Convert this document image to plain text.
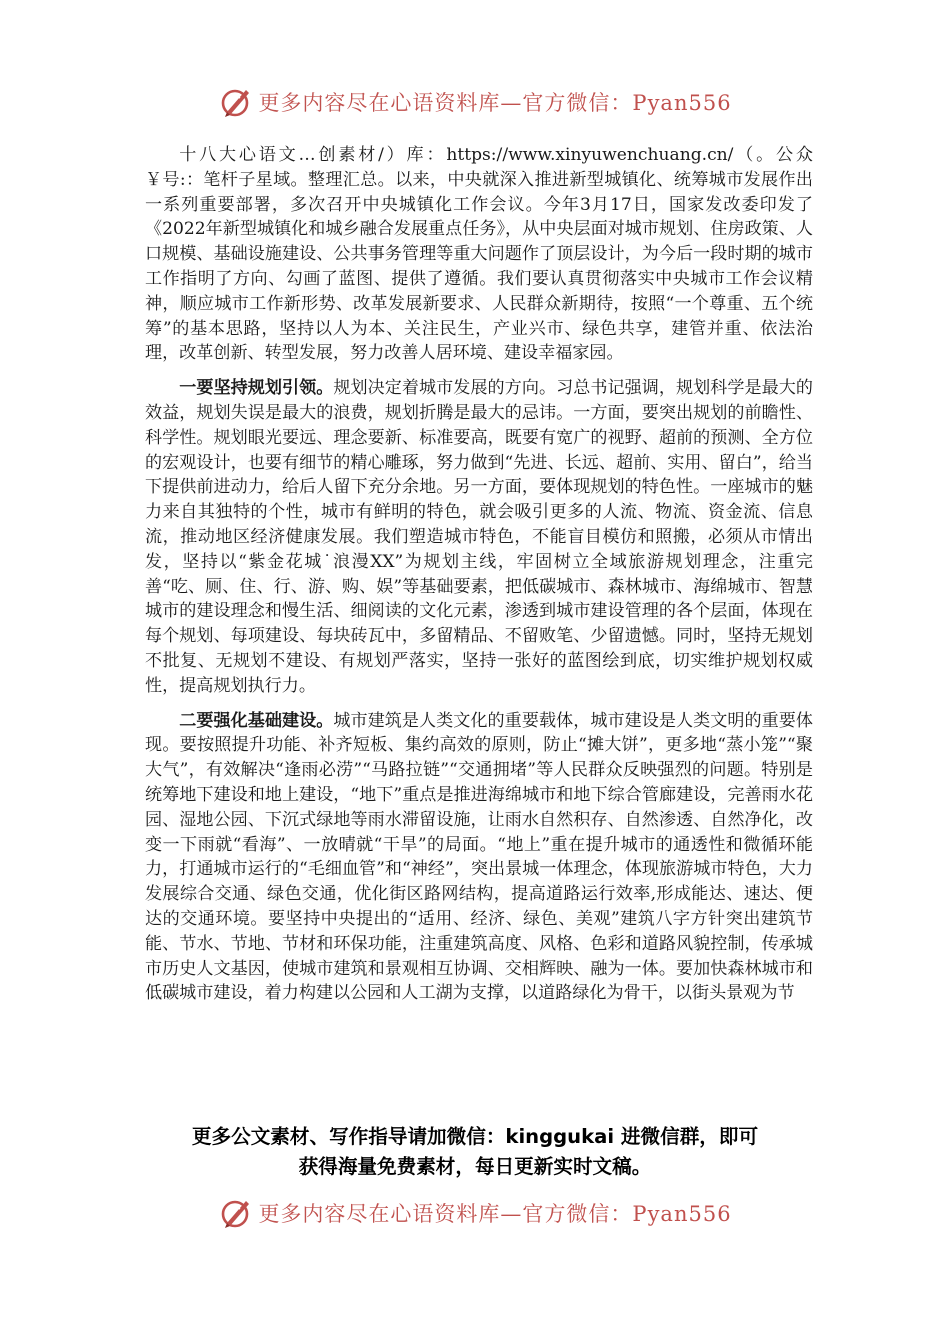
更多内容尽在心语资料库—官方微信：Pyan556

十八大心语文…创素材/）库：https://www.xinyuwenchuang.cn/（。公众￥号:：笔杆子星域。整理汇总。以来，中央就深入推进新型城镇化、统筹城市发展作出一系列重要部署，多次召开中央城镇化工作会议。今年3月17日，国家发改委印发了《2022年新型城镇化和城乡融合发展重点任务》，从中央层面对城市规划、住房政策、人口规模、基础设施建设、公共事务管理等重大问题作了顶层设计，为今后一段时期的城市工作指明了方向、勾画了蓝图、提供了遵循。我们要认真贯彻落实中央城市工作会议精神，顺应城市工作新形势、改革发展新要求、人民群众新期待，按照“一个尊重、五个统筹”的基本思路，坚持以人为本、关注民生，产业兴市、绿色共享，建管并重、依法治理，改革创新、转型发展，努力改善人居环境、建设幸福家园。

一要坚持规划引领。规划决定着城市发展的方向。习总书记强调，规划科学是最大的效益，规划失误是最大的浪费，规划折腾是最大的忌讳。一方面，要突出规划的前瞻性、科学性。规划眼光要远、理念要新、标准要高，既要有宽广的视野、超前的预测、全方位的宏观设计，也要有细节的精心雕琢，努力做到“先进、长远、超前、实用、留白”，给当下提供前进动力，给后人留下充分余地。另一方面，要体现规划的特色性。一座城市的魅力来自其独特的个性，城市有鲜明的特色，就会吸引更多的人流、物流、资金流、信息流，推动地区经济健康发展。我们塑造城市特色，不能盲目模仿和照搬，必须从市情出发，坚持以“紫金花城˙浪漫XX”为规划主线，牢固树立全域旅游规划理念，注重完善“吃、厕、住、行、游、购、娱”等基础要素，把低碳城市、森林城市、海绵城市、智慧城市的建设理念和慢生活、细阅读的文化元素，渗透到城市建设管理的各个层面，体现在每个规划、每项建设、每块砖瓦中，多留精品、不留败笔、少留遗憾。同时，坚持无规划不批复、无规划不建设、有规划严落实，坚持一张好的蓝图绘到底，切实维护规划权威性，提高规划执行力。

二要强化基础建设。城市建筑是人类文化的重要载体，城市建设是人类文明的重要体现。要按照提升功能、补齐短板、集约高效的原则，防止“摊大饼”，更多地“蒸小笼”“聚大气”，有效解决“逢雨必涝”“马路拉链”“交通拥堵”等人民群众反映强烈的问题。特别是统筹地下建设和地上建设，“地下”重点是推进海绵城市和地下综合管廊建设，完善雨水花园、湿地公园、下沉式绿地等雨水滞留设施，让雨水自然积存、自然渗透、自然净化，改变一下雨就“看海”、一放晴就“干旱”的局面。“地上”重在提升城市的通透性和微循环能力，打通城市运行的“毛细血管”和“神经”，突出景城一体理念，体现旅游城市特色，大力发展综合交通、绿色交通，优化街区路网结构，提高道路运行效率,形成能达、速达、便达的交通环境。要坚持中央提出的“适用、经济、绿色、美观”建筑八字方针突出建筑节能、节水、节地、节材和环保功能，注重建筑高度、风格、色彩和道路风貌控制，传承城市历史人文基因，使城市建筑和景观相互协调、交相辉映、融为一体。要加快森林城市和低碳城市建设，着力构建以公园和人工湖为支撑，以道路绿化为骨干，以街头景观为节

更多公文素材、写作指导请加微信：kinggukai 进微信群，即可
获得海量免费素材，每日更新实时文稿。
更多内容尽在心语资料库—官方微信：Pyan556
